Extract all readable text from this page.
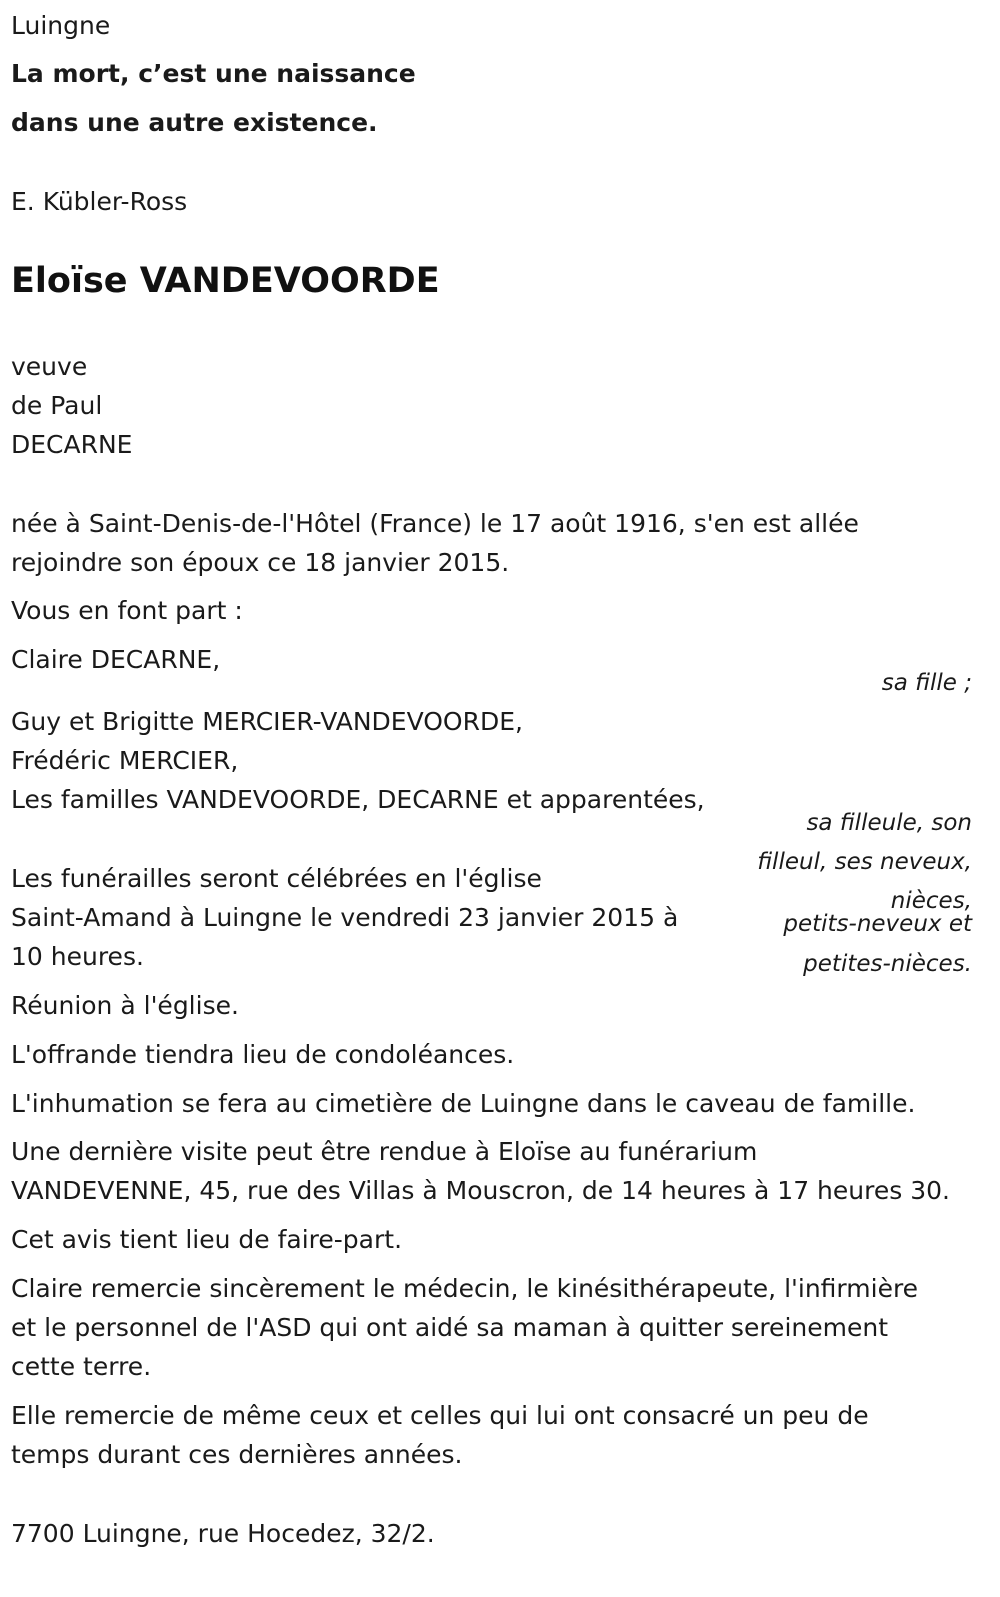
Luingne
La mort, c’est une naissance
dans une autre existence.
E. Kübler-Ross
Eloïse VANDEVOORDE
veuve
de Paul
DECARNE
née à Saint-Denis-de-l'Hôtel (France) le 17 août 1916, s'en est allée
rejoindre son époux ce 18 janvier 2015.
Vous en font part :
Claire DECARNE,
sa fille ;
Guy et Brigitte MERCIER-VANDEVOORDE,
Frédéric MERCIER,
Les familles VANDEVOORDE, DECARNE et apparentées,
sa filleule, son
filleul, ses neveux,
nièces,
petits-neveux et
petites-nièces.
Les funérailles seront célébrées en l'église
Saint-Amand à Luingne le vendredi 23 janvier 2015 à
10 heures.
Réunion à l'église.
L'offrande tiendra lieu de condoléances.
L'inhumation se fera au cimetière de Luingne dans le caveau de famille.
Une dernière visite peut être rendue à Eloïse au funérarium
VANDEVENNE, 45, rue des Villas à Mouscron, de 14 heures à 17 heures 30.
Cet avis tient lieu de faire-part.
Claire remercie sincèrement le médecin, le kinésithérapeute, l'infirmière
et le personnel de l'ASD qui ont aidé sa maman à quitter sereinement
cette terre.
Elle remercie de même ceux et celles qui lui ont consacré un peu de
temps durant ces dernières années.
7700 Luingne, rue Hocedez, 32/2.
